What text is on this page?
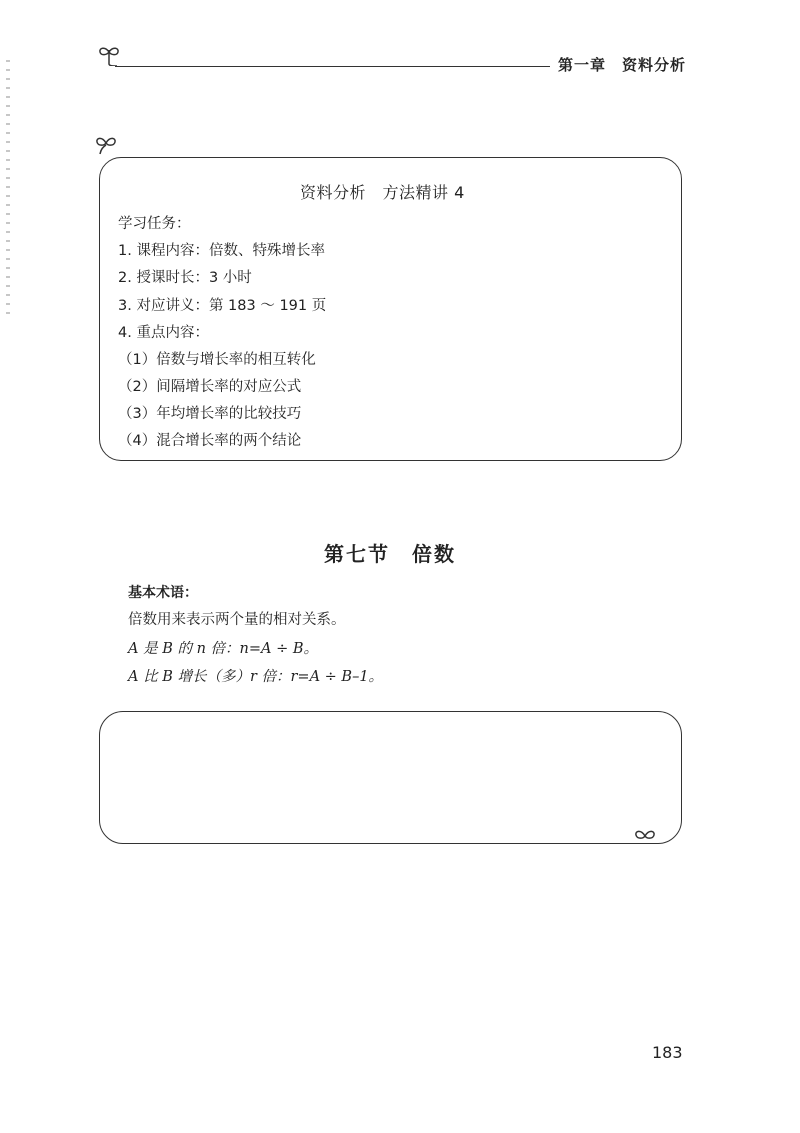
第一章　资料分析
资料分析　方法精讲 4
学习任务：
1. 课程内容：倍数、特殊增长率
2. 授课时长：3 小时
3. 对应讲义：第 183 ～ 191 页
4. 重点内容：
（1）倍数与增长率的相互转化
（2）间隔增长率的对应公式
（3）年均增长率的比较技巧
（4）混合增长率的两个结论
第七节　倍数
基本术语：
倍数用来表示两个量的相对关系。
A 是 B 的 n 倍：n=A ÷ B。
A 比 B 增长（多）r 倍：r=A ÷ B–1。
183
